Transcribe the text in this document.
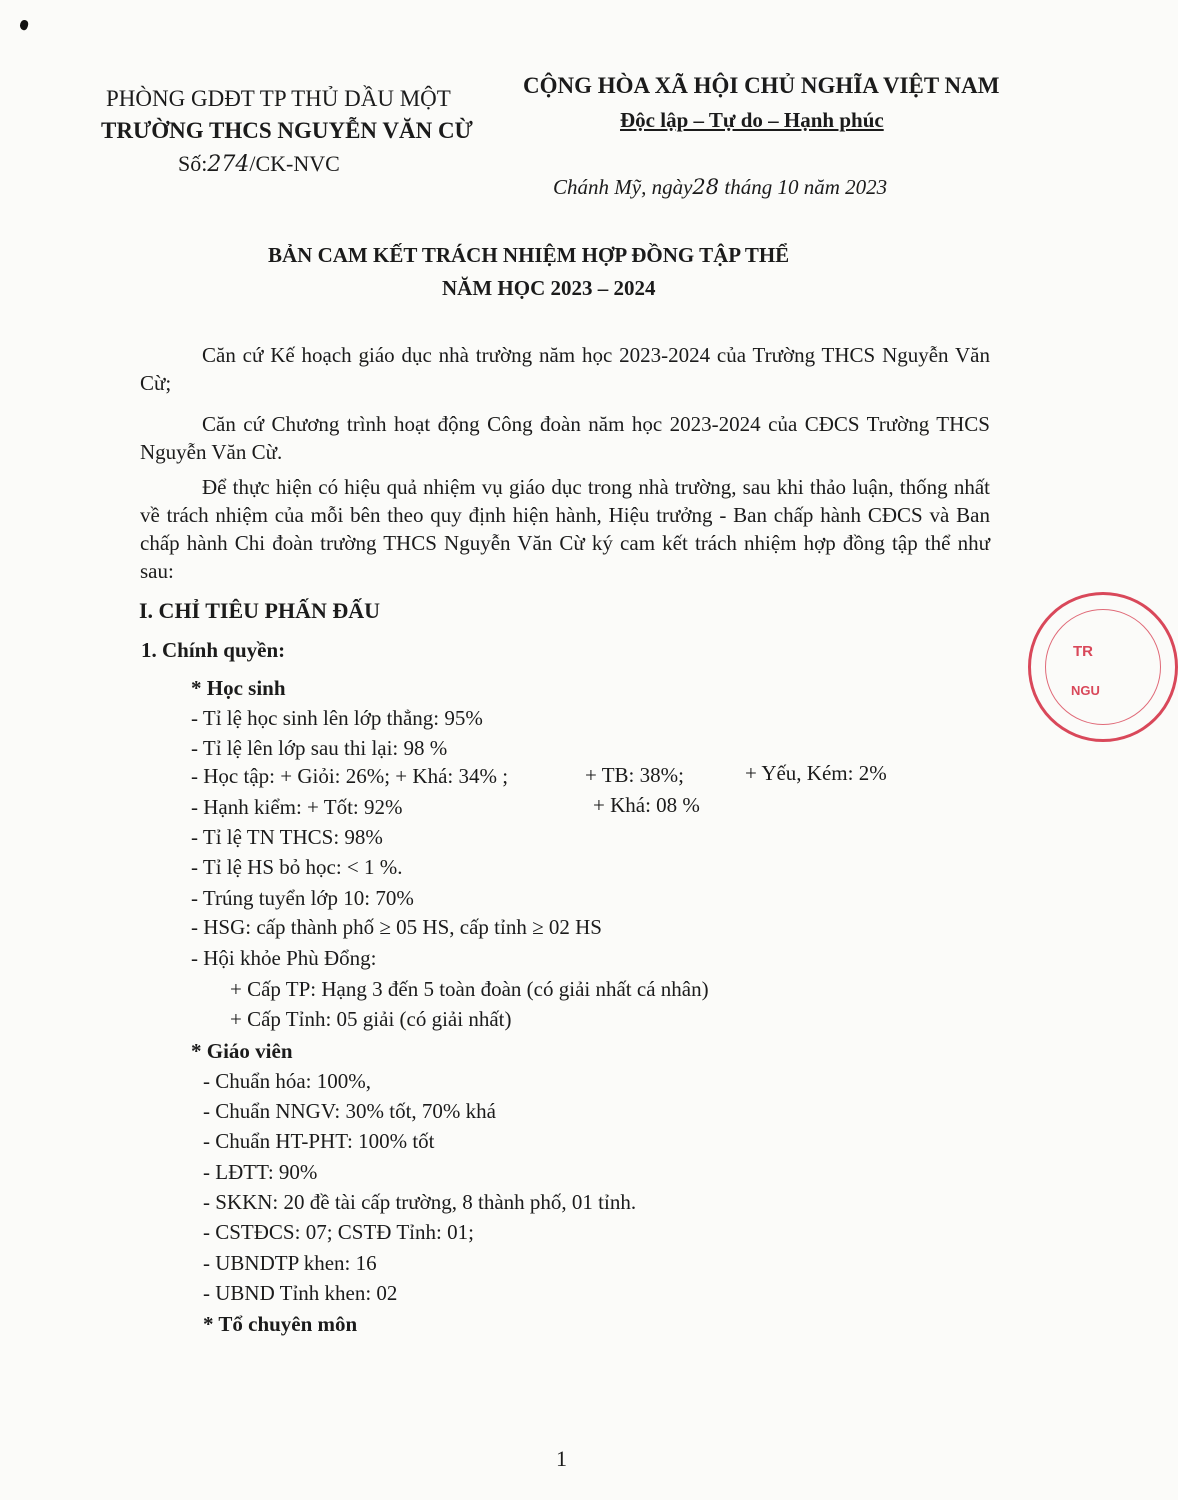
PHÒNG GDĐT TP THỦ DẦU MỘT
TRƯỜNG THCS NGUYỄN VĂN CỪ
Số:274/CK-NVC
CỘNG HÒA XÃ HỘI CHỦ NGHĨA VIỆT NAM
Độc lập – Tự do – Hạnh phúc
Chánh Mỹ, ngày28 tháng 10 năm 2023
BẢN CAM KẾT TRÁCH NHIỆM HỢP ĐỒNG TẬP THỂ
NĂM HỌC 2023 – 2024
Căn cứ Kế hoạch giáo dục nhà trường năm học 2023-2024 của Trường THCS Nguyễn Văn Cừ;
Căn cứ Chương trình hoạt động Công đoàn năm học 2023-2024 của CĐCS Trường THCS Nguyễn Văn Cừ.
Để thực hiện có hiệu quả nhiệm vụ giáo dục trong nhà trường, sau khi thảo luận, thống nhất về trách nhiệm của mỗi bên theo quy định hiện hành, Hiệu trưởng - Ban chấp hành CĐCS và Ban chấp hành Chi đoàn trường THCS Nguyễn Văn Cừ ký cam kết trách nhiệm hợp đồng tập thể như sau:
I. CHỈ TIÊU PHẤN ĐẤU
1. Chính quyền:
* Học sinh
- Tỉ lệ học sinh lên lớp thẳng: 95%
- Tỉ lệ lên lớp sau thi lại: 98 %
- Học tập: + Giỏi: 26%; + Khá: 34% ;	+ TB: 38%;	+ Yếu, Kém: 2%
- Hạnh kiểm: + Tốt: 92%	+ Khá: 08 %
- Tỉ lệ TN THCS: 98%
- Tỉ lệ HS bỏ học: < 1 %.
- Trúng tuyển lớp 10: 70%
- HSG: cấp thành phố ≥ 05 HS, cấp tỉnh ≥ 02 HS
- Hội khỏe Phù Đổng:
+ Cấp TP: Hạng 3 đến 5 toàn đoàn (có giải nhất cá nhân)
+ Cấp Tỉnh: 05 giải (có giải nhất)
* Giáo viên
- Chuẩn hóa: 100%,
- Chuẩn NNGV: 30% tốt, 70% khá
- Chuẩn HT-PHT: 100% tốt
- LĐTT: 90%
- SKKN: 20 đề tài cấp trường, 8 thành phố, 01 tỉnh.
- CSTĐCS: 07; CSTĐ Tỉnh: 01;
- UBNDTP khen: 16
- UBND Tỉnh khen: 02
* Tổ chuyên môn
1
TR
NGU
